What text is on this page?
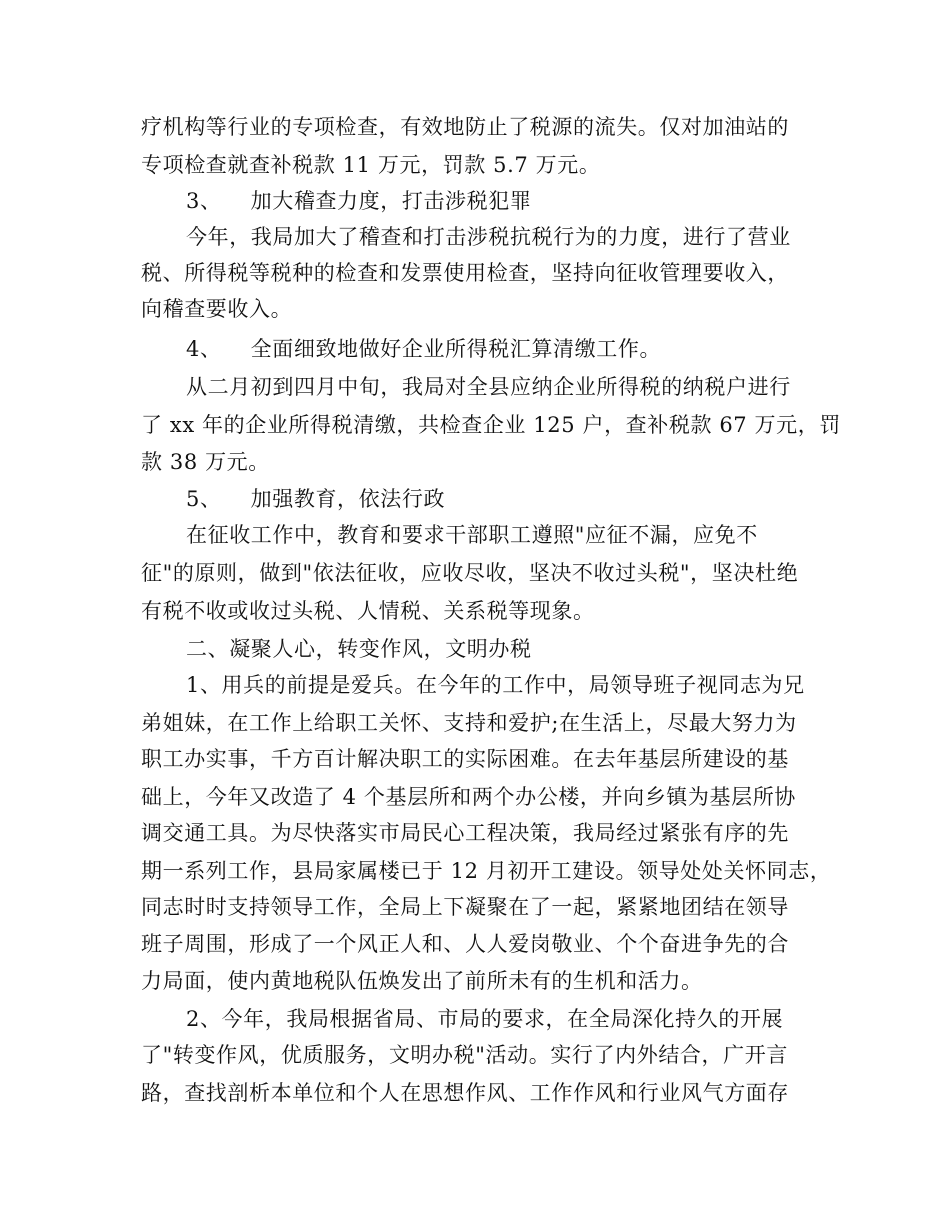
疗机构等行业的专项检查，有效地防止了税源的流失。仅对加油站的
专项检查就查补税款 11 万元，罚款 5.7 万元。
3、    加大稽查力度，打击涉税犯罪
今年，我局加大了稽查和打击涉税抗税行为的力度，进行了营业
税、所得税等税种的检查和发票使用检查，坚持向征收管理要收入，
向稽查要收入。
4、    全面细致地做好企业所得税汇算清缴工作。
从二月初到四月中旬，我局对全县应纳企业所得税的纳税户进行
了 xx 年的企业所得税清缴，共检查企业 125 户，查补税款 67 万元，罚
款 38 万元。
5、    加强教育，依法行政
在征收工作中，教育和要求干部职工遵照"应征不漏，应免不
征"的原则，做到"依法征收，应收尽收，坚决不收过头税"，坚决杜绝
有税不收或收过头税、人情税、关系税等现象。
二、凝聚人心，转变作风，文明办税
1、用兵的前提是爱兵。在今年的工作中，局领导班子视同志为兄
弟姐妹，在工作上给职工关怀、支持和爱护;在生活上，尽最大努力为
职工办实事，千方百计解决职工的实际困难。在去年基层所建设的基
础上，今年又改造了 4 个基层所和两个办公楼，并向乡镇为基层所协
调交通工具。为尽快落实市局民心工程决策，我局经过紧张有序的先
期一系列工作，县局家属楼已于 12 月初开工建设。领导处处关怀同志，
同志时时支持领导工作，全局上下凝聚在了一起，紧紧地团结在领导
班子周围，形成了一个风正人和、人人爱岗敬业、个个奋进争先的合
力局面，使内黄地税队伍焕发出了前所未有的生机和活力。
2、今年，我局根据省局、市局的要求，在全局深化持久的开展
了"转变作风，优质服务，文明办税"活动。实行了内外结合，广开言
路，查找剖析本单位和个人在思想作风、工作作风和行业风气方面存
